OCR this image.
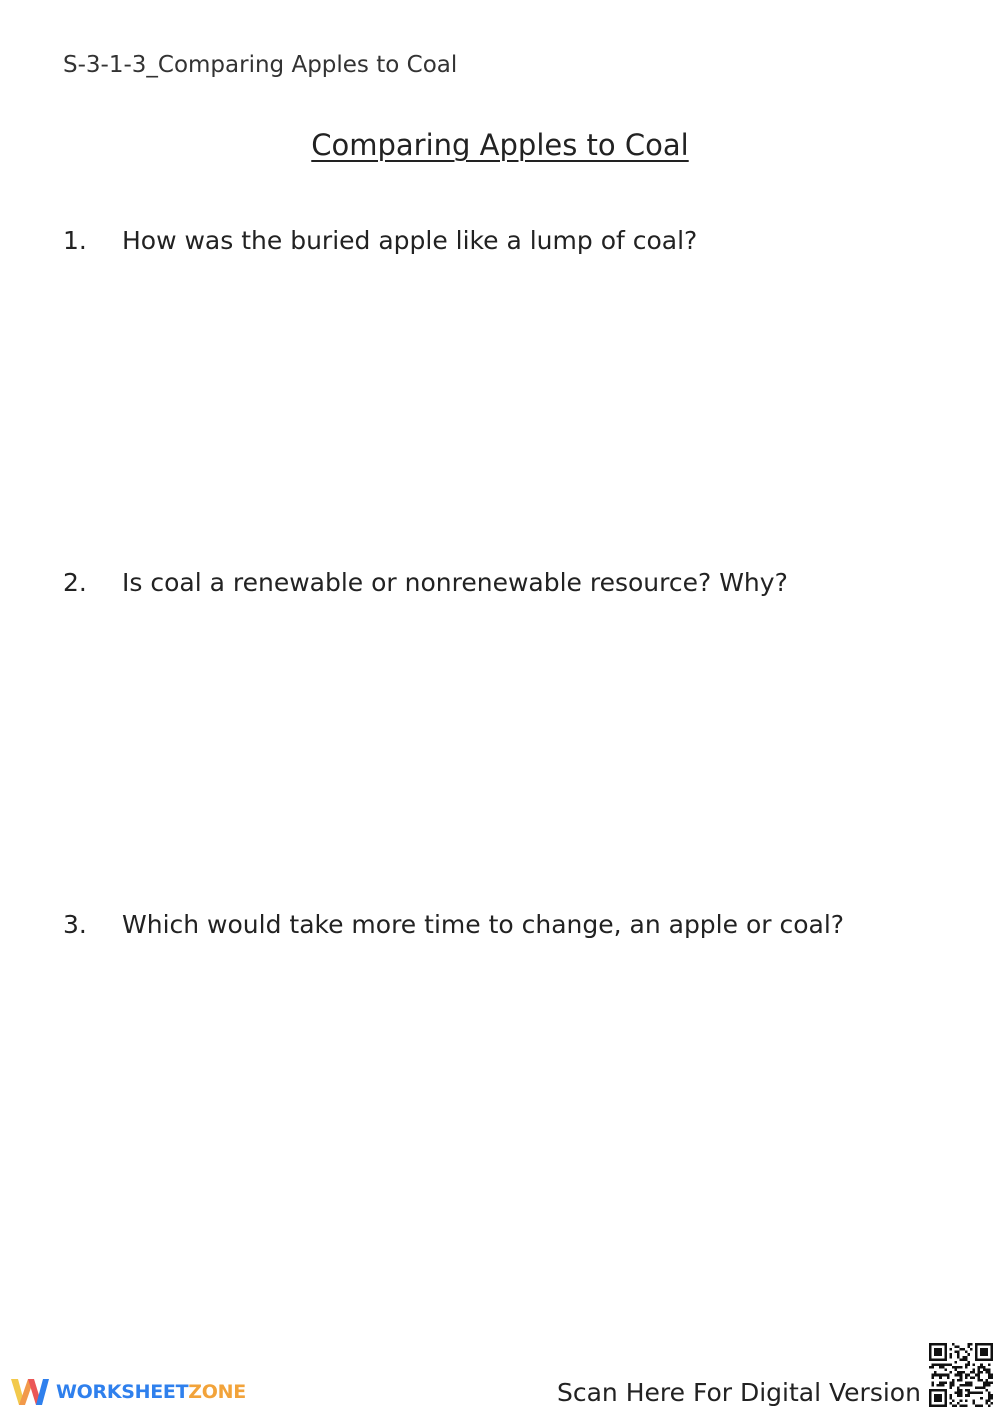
S-3-1-3_Comparing Apples to Coal
Comparing Apples to Coal
1. How was the buried apple like a lump of coal?
2. Is coal a renewable or nonrenewable resource? Why?
3. Which would take more time to change, an apple or coal?
WORKSHEETZONE	Scan Here For Digital Version
